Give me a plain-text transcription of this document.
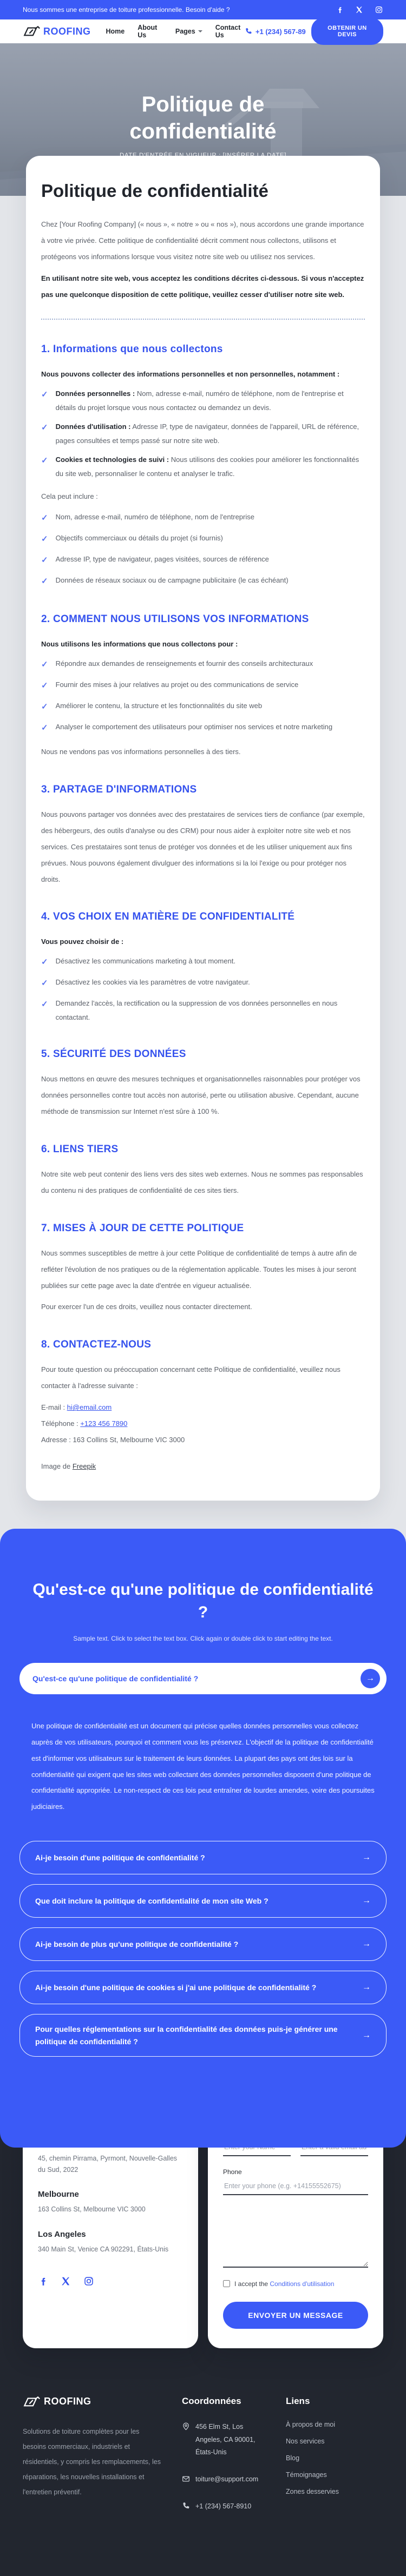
Nous sommes une entreprise de toiture professionnelle. Besoin d'aide ?
ROOFING Home About Us	Pages	Contact Us	+1 (234) 567-89	OBTENIR UN DEVIS
Politique de confidentialité
Politique de confidentialité

Chez [Your Roofing Company] (« nous », « notre » ou « nos »), nous accordons une grande importance à votre vie privée. Cette politique de confidentialité décrit comment nous collectons, utilisons et protégeons vos informations lorsque vous visitez notre site web ou utilisez nos services.

En utilisant notre site web, vous acceptez les conditions décrites ci-dessous. Si vous n'acceptez pas une quelconque disposition de cette politique, veuillez cesser d'utiliser notre site web.

1. Informations que nous collectons

Nous pouvons collecter des informations personnelles et non personnelles, notamment :

✓ Données personnelles : Nom, adresse e-mail, numéro de téléphone, nom de l'entreprise et détails du projet lorsque vous nous contactez ou demandez un devis.
✓ Données d'utilisation : Adresse IP, type de navigateur, données de l'appareil, URL de référence, pages consultées et temps passé sur notre site web.
✓ Cookies et technologies de suivi : Nous utilisons des cookies pour améliorer les fonctionnalités du site web, personnaliser le contenu et analyser le trafic.

Cela peut inclure :

✓ Nom, adresse e-mail, numéro de téléphone, nom de l'entreprise
✓ Objectifs commerciaux ou détails du projet (si fournis)
✓ Adresse IP, type de navigateur, pages visitées, sources de référence
✓ Données de réseaux sociaux ou de campagne publicitaire (le cas échéant)
2. COMMENT NOUS UTILISONS VOS INFORMATIONS

Nous utilisons les informations que nous collectons pour :

✓ Répondre aux demandes de renseignements et fournir des conseils architecturaux
✓ Fournir des mises à jour relatives au projet ou des communications de service
✓ Améliorer le contenu, la structure et les fonctionnalités du site web
✓ Analyser le comportement des utilisateurs pour optimiser nos services et notre marketing

Nous ne vendons pas vos informations personnelles à des tiers.

3. PARTAGE D'INFORMATIONS

Nous pouvons partager vos données avec des prestataires de services tiers de confiance (par exemple, des hébergeurs, des outils d'analyse ou des CRM) pour nous aider à exploiter notre site web et nos services. Ces prestataires sont tenus de protéger vos données et de les utiliser uniquement aux fins prévues. Nous pouvons également divulguer des informations si la loi l'exige ou pour protéger nos droits.

4. VOS CHOIX EN MATIÈRE DE CONFIDENTIALITÉ

Vous pouvez choisir de :

✓ Désactivez les communications marketing à tout moment.
✓ Désactivez les cookies via les paramètres de votre navigateur.
✓ Demandez l'accès, la rectification ou la suppression de vos données personnelles en nous contactant.
5. SÉCURITÉ DES DONNÉES

Nous mettons en œuvre des mesures techniques et organisationnelles raisonnables pour protéger vos données personnelles contre tout accès non autorisé, perte ou utilisation abusive. Cependant, aucune méthode de transmission sur Internet n'est sûre à 100 %.

6. LIENS TIERS

Notre site web peut contenir des liens vers des sites web externes. Nous ne sommes pas responsables du contenu ni des pratiques de confidentialité de ces sites tiers.

7. MISES À JOUR DE CETTE POLITIQUE

Nous sommes susceptibles de mettre à jour cette Politique de confidentialité de temps à autre afin de refléter l'évolution de nos pratiques ou de la réglementation applicable. Toutes les mises à jour seront publiées sur cette page avec la date d'entrée en vigueur actualisée.

Pour exercer l'un de ces droits, veuillez nous contacter directement.

8. CONTACTEZ-NOUS

Pour toute question ou préoccupation concernant cette Politique de confidentialité, veuillez nous contacter à l'adresse suivante :

E-mail : hi@email.com

Téléphone : +123 456 7890

Adresse : 163 Collins St, Melbourne VIC 3000

Image de Freepik

Qu'est-ce qu'une politique de confidentialité ?
Sample text. Click to select the text box. Click again or double click to start editing the text.
Qu'est-ce qu'une politique de confidentialité ?	→

Une politique de confidentialité est un document qui précise quelles données personnelles vous collectez auprès de vos utilisateurs, pourquoi et comment vous les préservez. L'objectif de la politique de confidentialité est d'informer vos utilisateurs sur le traitement de leurs données. La plupart des pays ont des lois sur la confidentialité qui exigent que les sites web collectant des données personnelles disposent d'une politique de confidentialité appropriée. Le non-respect de ces lois peut entraîner de lourdes amendes, voire des poursuites judiciaires.

Ai-je besoin d'une politique de confidentialité ?	→
Que doit inclure la politique de confidentialité de mon site Web ?	→
Ai-je besoin de plus qu'une politique de confidentialité ?	→
Ai-je besoin d'une politique de cookies si j'ai une politique de confidentialité ?	→
Pour quelles réglementations sur la confidentialité des données puis-je générer une politique de confidentialité ?
→
45, chemin Pirrama, Pyrmont, Nouvelle-Galles du Sud, 2022
Melbourne
163 Collins St, Melbourne VIC 3000
Los Angeles
340 Main St, Venice CA 902291, États-Unis
Enter your Name
Enter a valid email address
Phone
Enter your phone (e.g. +14155552675)
I accept the Conditions d'utilisation
ENVOYER UN MESSAGE
ROOFING

Solutions de toiture complètes pour les besoins commerciaux, industriels et résidentiels, y compris les remplacements, les réparations, les nouvelles installations et l'entretien préventif.

Coordonnées
456 Elm St, Los Angeles, CA 90001, États-Unis
toiture@support.com
+1 (234) 567-8910
Liens
À propos de moi
Nos services
Blog
Témoignages
Zones desservies
